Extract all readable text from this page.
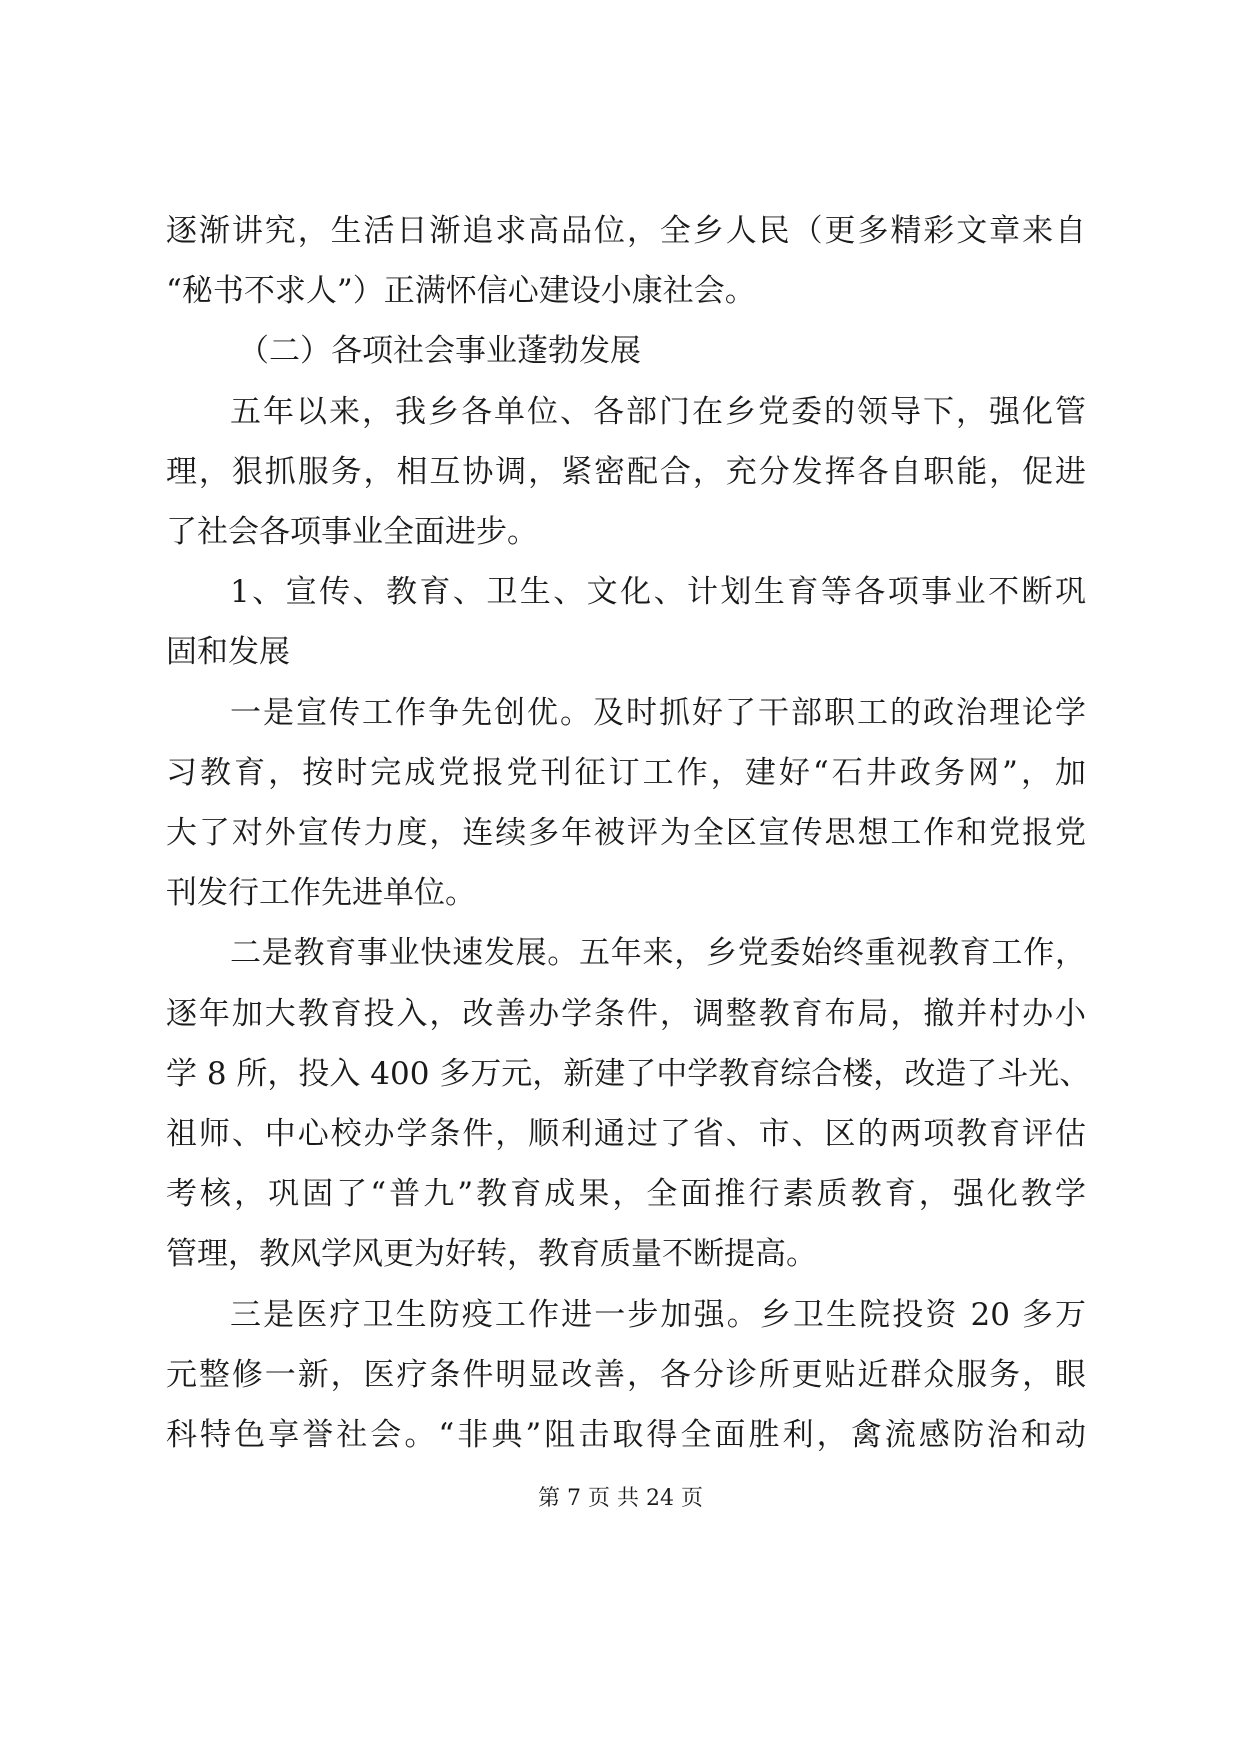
逐渐讲究，生活日渐追求高品位，全乡人民（更多精彩文章来自
“秘书不求人”）正满怀信心建设小康社会。
（二）各项社会事业蓬勃发展
五年以来，我乡各单位、各部门在乡党委的领导下，强化管
理，狠抓服务，相互协调，紧密配合，充分发挥各自职能，促进
了社会各项事业全面进步。
1、宣传、教育、卫生、文化、计划生育等各项事业不断巩
固和发展
一是宣传工作争先创优。及时抓好了干部职工的政治理论学
习教育，按时完成党报党刊征订工作，建好“石井政务网”，加
大了对外宣传力度，连续多年被评为全区宣传思想工作和党报党
刊发行工作先进单位。
二是教育事业快速发展。五年来，乡党委始终重视教育工作，
逐年加大教育投入，改善办学条件，调整教育布局，撤并村办小
学 8 所，投入 400 多万元，新建了中学教育综合楼，改造了斗光、
祖师、中心校办学条件，顺利通过了省、市、区的两项教育评估
考核，巩固了“普九”教育成果，全面推行素质教育，强化教学
管理，教风学风更为好转，教育质量不断提高。
三是医疗卫生防疫工作进一步加强。乡卫生院投资 20 多万
元整修一新，医疗条件明显改善，各分诊所更贴近群众服务，眼
科特色享誉社会。“非典”阻击取得全面胜利，禽流感防治和动
第 7 页 共 24 页
